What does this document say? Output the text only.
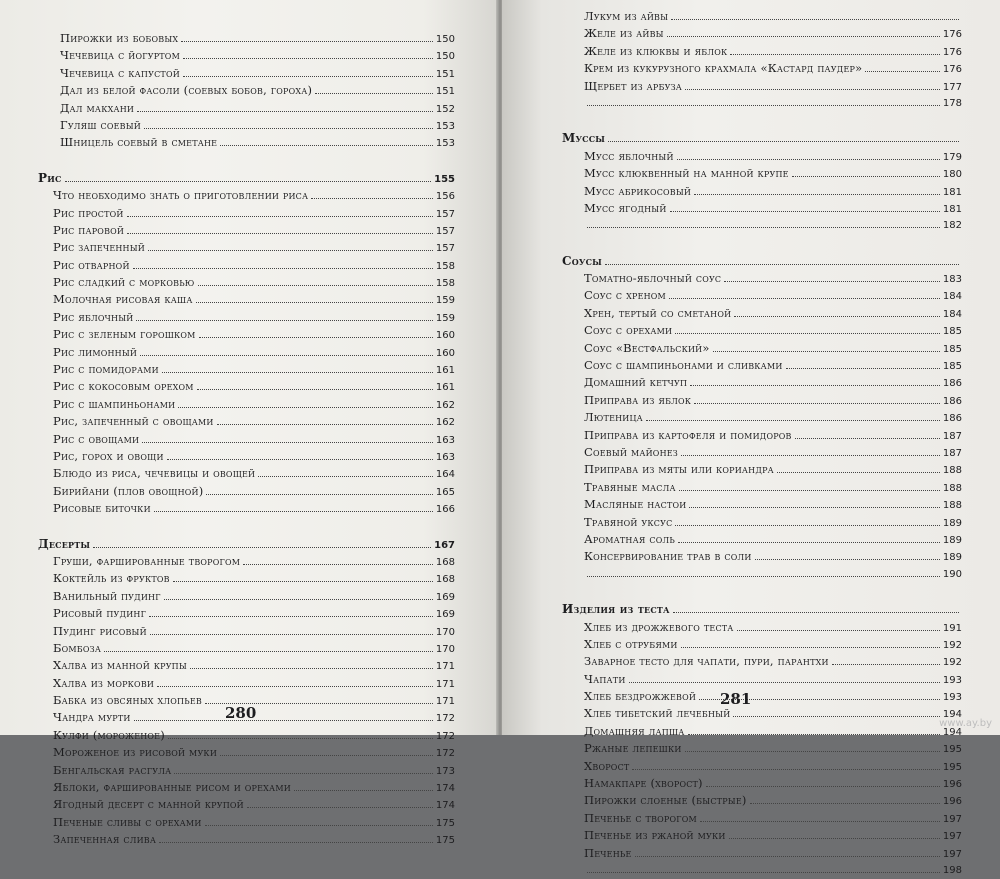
Пирожки из бобовых	150
Чечевица с йогуртом	150
Чечевица с капустой	151
Дал из белой фасоли (соевых бобов, гороха)	151
Дал макхани	152
Гуляш соевый	153
Шницель соевый в сметане	153
Рис	155
Что необходимо знать о приготовлении риса	156
Рис простой	157
Рис паровой	157
Рис запеченный	157
Рис отварной	158
Рис сладкий с морковью	158
Молочная рисовая каша	159
Рис яблочный	159
Рис с зеленым горошком	160
Рис лимонный	160
Рис с помидорами	161
Рис с кокосовым орехом	161
Рис с шампиньонами	162
Рис, запеченный с овощами	162
Рис с овощами	163
Рис, горох и овощи	163
Блюдо из риса, чечевицы и овощей	164
Бирийани (плов овощной)	165
Рисовые биточки	166
Десерты	167
Груши, фаршированные творогом	168
Коктейль из фруктов	168
Ванильный пудинг	169
Рисовый пудинг	169
Пудинг рисовый	170
Бомбоза	170
Халва из манной крупы	171
Халва из моркови	171
Бабка из овсяных хлопьев	171
Чандра мурти	172
Кулфи (мороженое)	172
Мороженое из рисовой муки	172
Бенгальская расгула	173
Яблоки, фаршированные рисом и орехами	174
Ягодный десерт с манной крупой	174
Печеные сливы с орехами	175
Запеченная слива	175
280
Лукум из айвы
Желе из айвы	176
Желе из клюквы и яблок	176
Крем из кукурузного крахмала «Кастард паудер»	176
Щербет из арбуза	177
178
Муссы
Мусс яблочный	179
Мусс клюквенный на манной крупе	180
Мусс абрикосовый	181
Мусс ягодный	181
182
Соусы
Томатно-яблочный соус	183
Соус с хреном	184
Хрен, тертый со сметаной	184
Соус с орехами	185
Соус «Вестфальский»	185
Соус с шампиньонами и сливками	185
Домашний кетчуп	186
Приправа из яблок	186
Лютеница	186
Приправа из картофеля и помидоров	187
Соевый майонез	187
Приправа из мяты или кориандра	188
Травяные масла	188
Масляные настои	188
Травяной уксус	189
Ароматная соль	189
Консервирование трав в соли	189
190
Изделия из теста
Хлеб из дрожжевого теста	191
Хлеб с отрубями	192
Заварное тесто для чапати, пури, парантхи	192
Чапати	193
Хлеб бездрожжевой	193
Хлеб тибетский лечебный	194
Домашняя лапша	194
Ржаные лепешки	195
Хворост	195
Намакпаре (хворост)	196
Пирожки слоеные (быстрые)	196
Печенье с творогом	197
Печенье из ржаной муки	197
Печенье	197
198
281
www.ay.by
